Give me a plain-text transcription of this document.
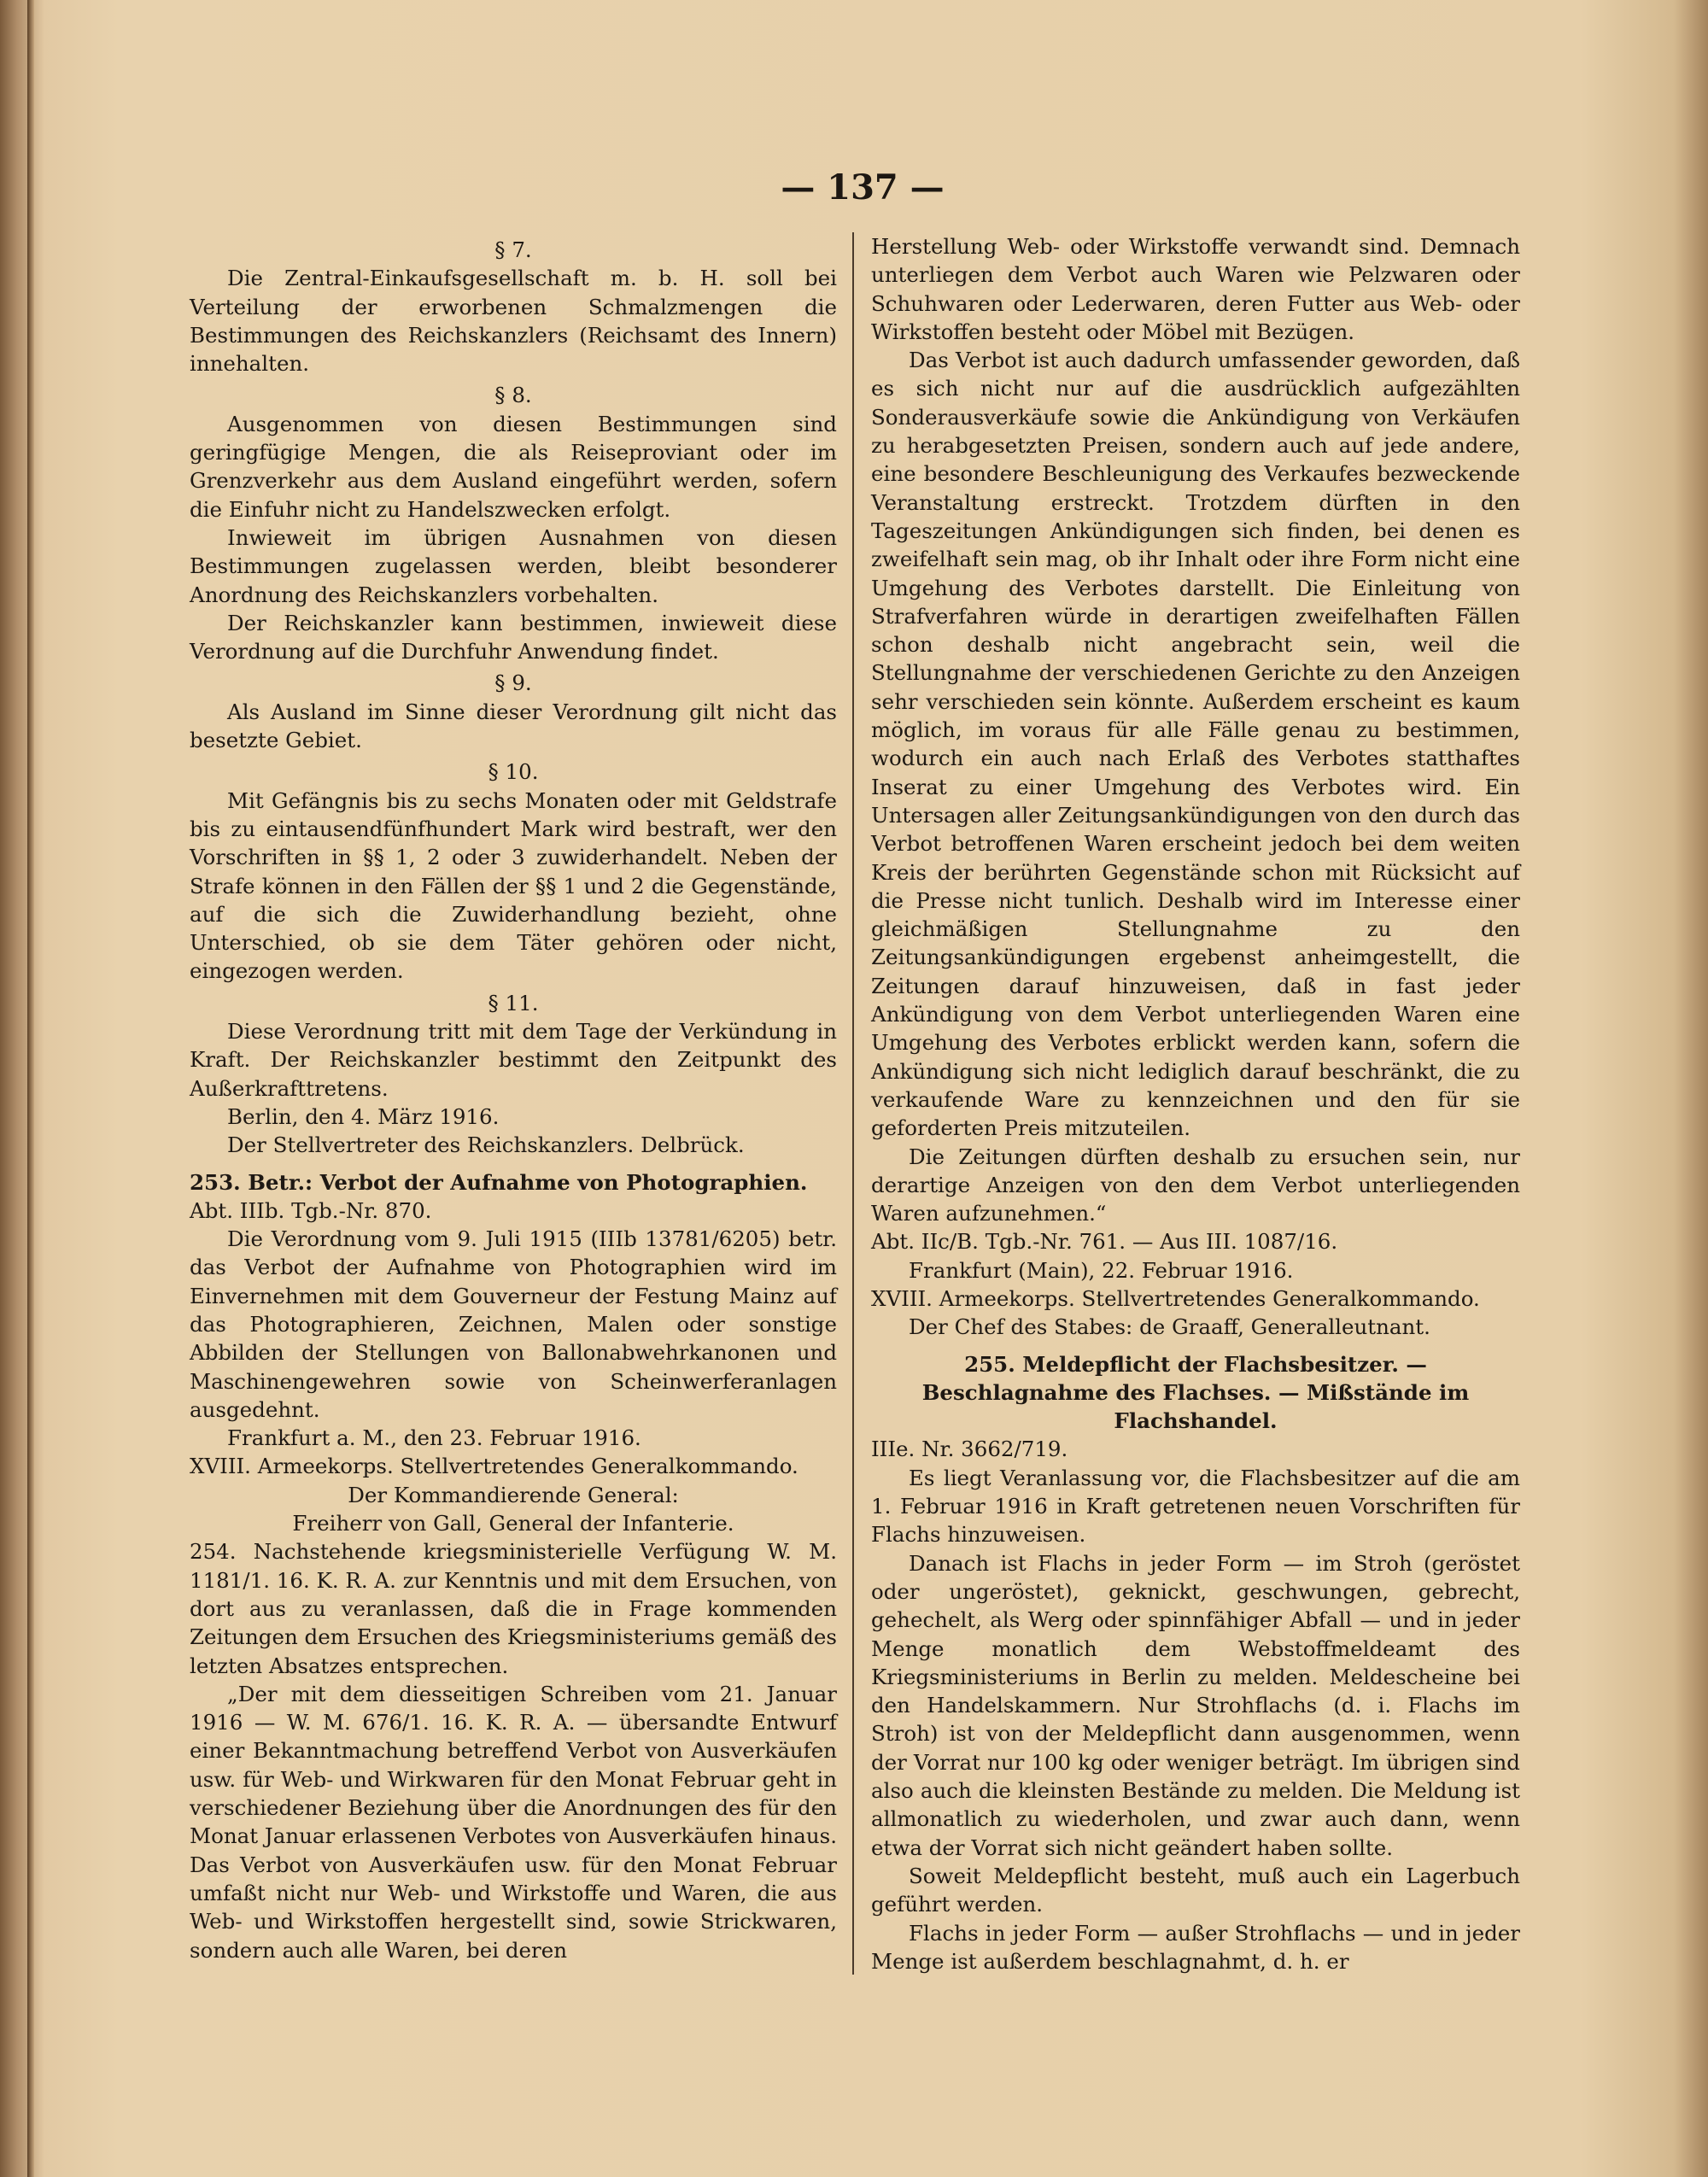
— 137 —
§ 7.
Die Zentral-Einkaufsgesellschaft m. b. H. soll bei Verteilung der erworbenen Schmalzmengen die Bestimmungen des Reichskanzlers (Reichsamt des Innern) innehalten.
§ 8.
Ausgenommen von diesen Bestimmungen sind geringfügige Mengen, die als Reiseproviant oder im Grenzverkehr aus dem Ausland eingeführt werden, sofern die Einfuhr nicht zu Handelszwecken erfolgt.
Inwieweit im übrigen Ausnahmen von diesen Bestimmungen zugelassen werden, bleibt besonderer Anordnung des Reichskanzlers vorbehalten.
Der Reichskanzler kann bestimmen, inwieweit diese Verordnung auf die Durchfuhr Anwendung findet.
§ 9.
Als Ausland im Sinne dieser Verordnung gilt nicht das besetzte Gebiet.
§ 10.
Mit Gefängnis bis zu sechs Monaten oder mit Geldstrafe bis zu eintausendfünfhundert Mark wird bestraft, wer den Vorschriften in §§ 1, 2 oder 3 zuwiderhandelt. Neben der Strafe können in den Fällen der §§ 1 und 2 die Gegenstände, auf die sich die Zuwiderhandlung bezieht, ohne Unterschied, ob sie dem Täter gehören oder nicht, eingezogen werden.
§ 11.
Diese Verordnung tritt mit dem Tage der Verkündung in Kraft. Der Reichskanzler bestimmt den Zeitpunkt des Außerkrafttretens.
Berlin, den 4. März 1916.
Der Stellvertreter des Reichskanzlers. Delbrück.
253. Betr.: Verbot der Aufnahme von Photographien.
Abt. IIIb. Tgb.-Nr. 870.
Die Verordnung vom 9. Juli 1915 (IIIb 13781/6205) betr. das Verbot der Aufnahme von Photographien wird im Einvernehmen mit dem Gouverneur der Festung Mainz auf das Photographieren, Zeichnen, Malen oder sonstige Abbilden der Stellungen von Ballonabwehrkanonen und Maschinengewehren sowie von Scheinwerferanlagen ausgedehnt.
Frankfurt a. M., den 23. Februar 1916.
XVIII. Armeekorps. Stellvertretendes Generalkommando.
Der Kommandierende General:
Freiherr von Gall, General der Infanterie.
254. Nachstehende kriegsministerielle Verfügung W. M. 1181/1. 16. K. R. A. zur Kenntnis und mit dem Ersuchen, von dort aus zu veranlassen, daß die in Frage kommenden Zeitungen dem Ersuchen des Kriegsministeriums gemäß des letzten Absatzes entsprechen.
„Der mit dem diesseitigen Schreiben vom 21. Januar 1916 — W. M. 676/1. 16. K. R. A. — übersandte Entwurf einer Bekanntmachung betreffend Verbot von Ausverkäufen usw. für Web- und Wirkwaren für den Monat Februar geht in verschiedener Beziehung über die Anordnungen des für den Monat Januar erlassenen Verbotes von Ausverkäufen hinaus. Das Verbot von Ausverkäufen usw. für den Monat Februar umfaßt nicht nur Web- und Wirkstoffe und Waren, die aus Web- und Wirkstoffen hergestellt sind, sowie Strickwaren, sondern auch alle Waren, bei deren
Herstellung Web- oder Wirkstoffe verwandt sind. Demnach unterliegen dem Verbot auch Waren wie Pelzwaren oder Schuhwaren oder Lederwaren, deren Futter aus Web- oder Wirkstoffen besteht oder Möbel mit Bezügen.
Das Verbot ist auch dadurch umfassender geworden, daß es sich nicht nur auf die ausdrücklich aufgezählten Sonderausverkäufe sowie die Ankündigung von Verkäufen zu herabgesetzten Preisen, sondern auch auf jede andere, eine besondere Beschleunigung des Verkaufes bezweckende Veranstaltung erstreckt. Trotzdem dürften in den Tageszeitungen Ankündigungen sich finden, bei denen es zweifelhaft sein mag, ob ihr Inhalt oder ihre Form nicht eine Umgehung des Verbotes darstellt. Die Einleitung von Strafverfahren würde in derartigen zweifelhaften Fällen schon deshalb nicht angebracht sein, weil die Stellungnahme der verschiedenen Gerichte zu den Anzeigen sehr verschieden sein könnte. Außerdem erscheint es kaum möglich, im voraus für alle Fälle genau zu bestimmen, wodurch ein auch nach Erlaß des Verbotes statthaftes Inserat zu einer Umgehung des Verbotes wird. Ein Untersagen aller Zeitungsankündigungen von den durch das Verbot betroffenen Waren erscheint jedoch bei dem weiten Kreis der berührten Gegenstände schon mit Rücksicht auf die Presse nicht tunlich. Deshalb wird im Interesse einer gleichmäßigen Stellungnahme zu den Zeitungsankündigungen ergebenst anheimgestellt, die Zeitungen darauf hinzuweisen, daß in fast jeder Ankündigung von dem Verbot unterliegenden Waren eine Umgehung des Verbotes erblickt werden kann, sofern die Ankündigung sich nicht lediglich darauf beschränkt, die zu verkaufende Ware zu kennzeichnen und den für sie geforderten Preis mitzuteilen.
Die Zeitungen dürften deshalb zu ersuchen sein, nur derartige Anzeigen von den dem Verbot unterliegenden Waren aufzunehmen.“
Abt. IIc/B. Tgb.-Nr. 761. — Aus III. 1087/16.
Frankfurt (Main), 22. Februar 1916.
XVIII. Armeekorps. Stellvertretendes Generalkommando.
Der Chef des Stabes: de Graaff, Generalleutnant.
255. Meldepflicht der Flachsbesitzer. — Beschlagnahme des Flachses. — Mißstände im Flachshandel.
IIIe. Nr. 3662/719.
Es liegt Veranlassung vor, die Flachsbesitzer auf die am 1. Februar 1916 in Kraft getretenen neuen Vorschriften für Flachs hinzuweisen.
Danach ist Flachs in jeder Form — im Stroh (geröstet oder ungeröstet), geknickt, geschwungen, gebrecht, gehechelt, als Werg oder spinnfähiger Abfall — und in jeder Menge monatlich dem Webstoffmeldeamt des Kriegsministeriums in Berlin zu melden. Meldescheine bei den Handelskammern. Nur Strohflachs (d. i. Flachs im Stroh) ist von der Meldepflicht dann ausgenommen, wenn der Vorrat nur 100 kg oder weniger beträgt. Im übrigen sind also auch die kleinsten Bestände zu melden. Die Meldung ist allmonatlich zu wiederholen, und zwar auch dann, wenn etwa der Vorrat sich nicht geändert haben sollte.
Soweit Meldepflicht besteht, muß auch ein Lagerbuch geführt werden.
Flachs in jeder Form — außer Strohflachs — und in jeder Menge ist außerdem beschlagnahmt, d. h. er
